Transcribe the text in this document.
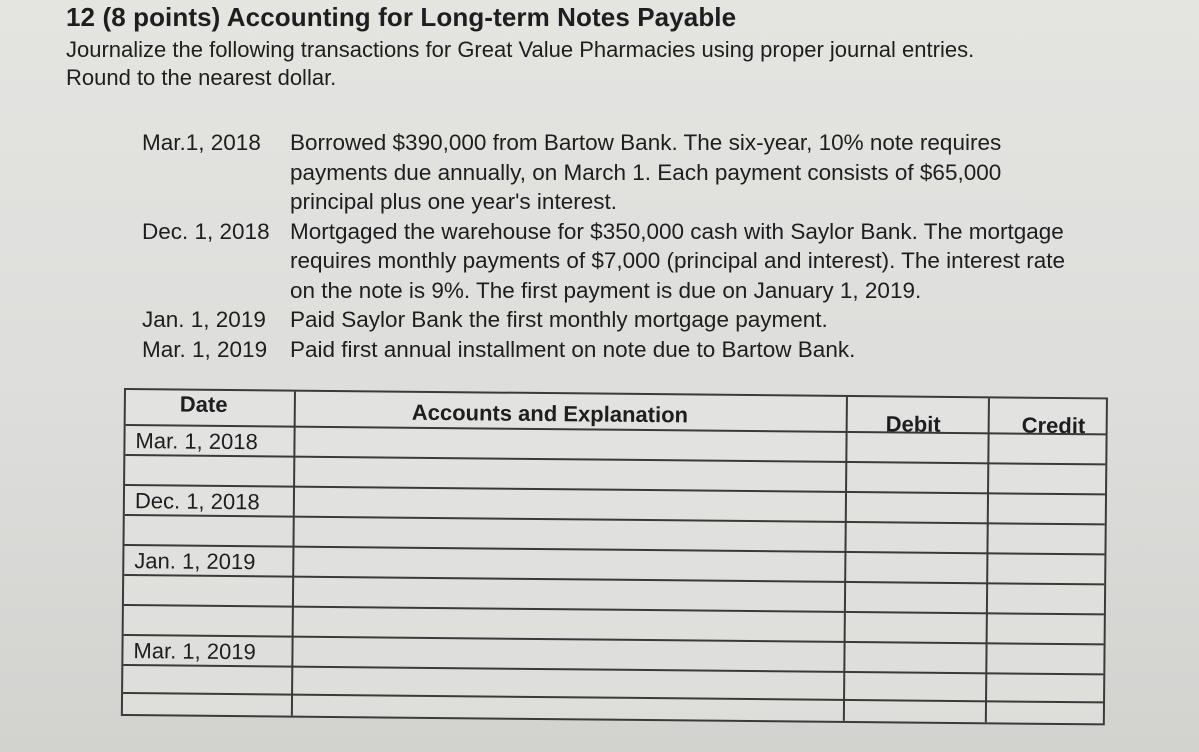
12 (8 points) Accounting for Long-term Notes Payable

Journalize the following transactions for Great Value Pharmacies using proper journal entries.

Round to the nearest dollar.

Mar.1, 2018	Borrowed $390,000 from Bartow Bank. The six-year, 10% note requires
payments due annually, on March 1. Each payment consists of $65,000
principal plus one year's interest.
Dec. 1, 2018 Mortgaged the warehouse for $350,000 cash with Saylor Bank. The mortgage
requires monthly payments of $7,000 (principal and interest). The interest rate
on the note is 9%. The first payment is due on January 1, 2019.
Jan. 1, 2019	Paid Saylor Bank the first monthly mortgage payment.
Mar. 1, 2019	Paid first annual installment on note due to Bartow Bank.
Date	Accounts and Explanation	Debit	Credit
Mar. 1, 2018
Dec. 1, 2018
Jan. 1, 2019
Mar. 1, 2019
